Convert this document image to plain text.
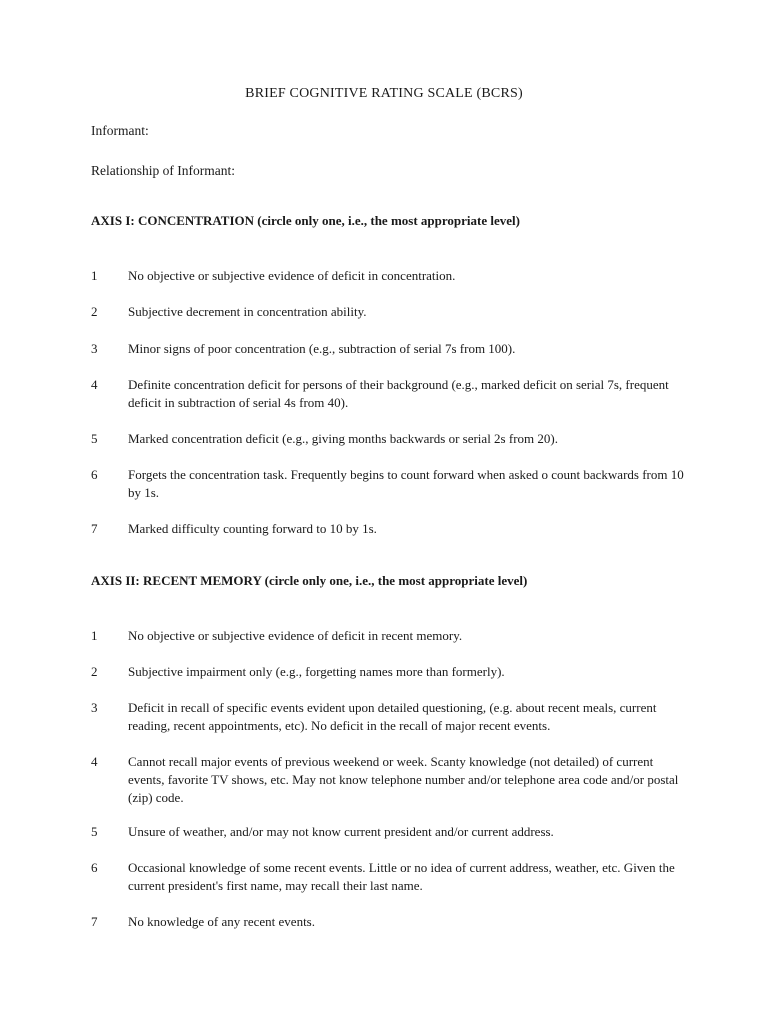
BRIEF COGNITIVE RATING SCALE (BCRS)
Informant:
Relationship of Informant:
AXIS I: CONCENTRATION (circle only one, i.e., the most appropriate level)
1	No objective or subjective evidence of deficit in concentration.
2	Subjective decrement in concentration ability.
3	Minor signs of poor concentration (e.g., subtraction of serial 7s from 100).
4	Definite concentration deficit for persons of their background (e.g., marked deficit on serial 7s, frequent deficit in subtraction of serial 4s from 40).
5	Marked concentration deficit (e.g., giving months backwards or serial 2s from 20).
6	Forgets the concentration task. Frequently begins to count forward when asked o count backwards from 10 by 1s.
7	Marked difficulty counting forward to 10 by 1s.
AXIS II: RECENT MEMORY (circle only one, i.e., the most appropriate level)
1	No objective or subjective evidence of deficit in recent memory.
2	Subjective impairment only (e.g., forgetting names more than formerly).
3	Deficit in recall of specific events evident upon detailed questioning, (e.g. about recent meals, current reading, recent appointments, etc). No deficit in the recall of major recent events.
4	Cannot recall major events of previous weekend or week. Scanty knowledge (not detailed) of current events, favorite TV shows, etc. May not know telephone number and/or telephone area code and/or postal (zip) code.
5	Unsure of weather, and/or may not know current president and/or current address.
6	Occasional knowledge of some recent events. Little or no idea of current address, weather, etc. Given the current president's first name, may recall their last name.
7	No knowledge of any recent events.
